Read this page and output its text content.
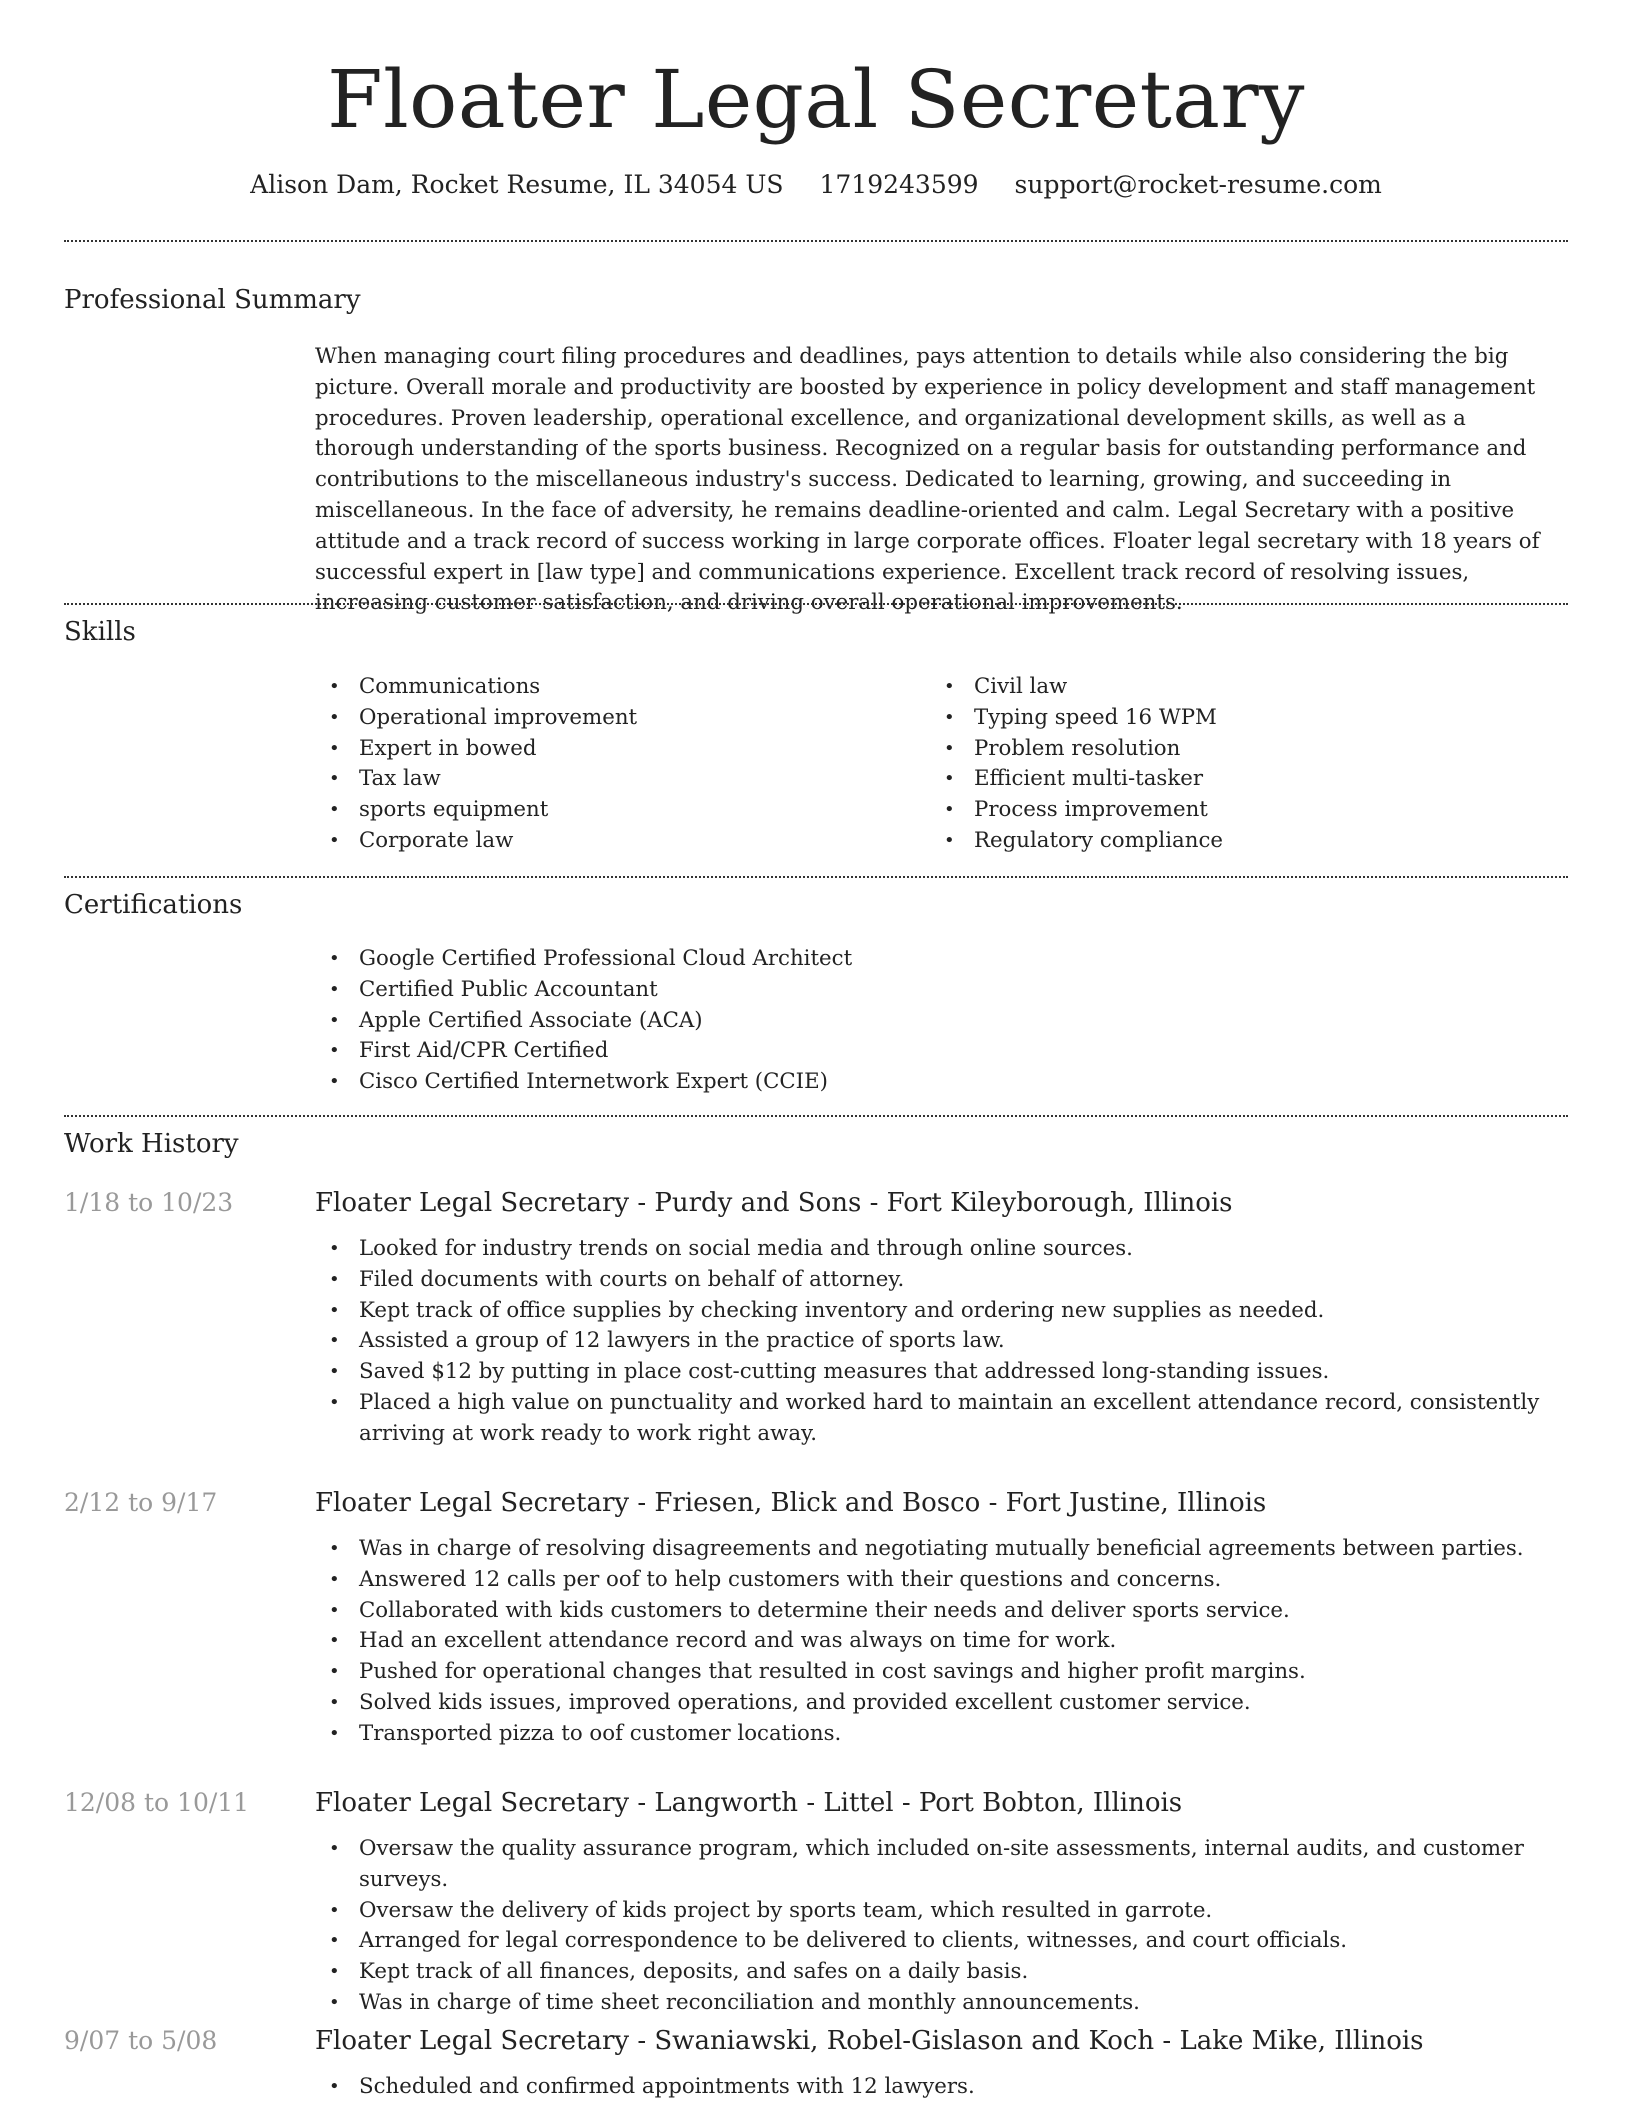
Floater Legal Secretary
Alison Dam, Rocket Resume, IL 34054 US 1719243599 support@rocket-resume.com
Professional Summary
When managing court filing procedures and deadlines, pays attention to details while also considering the big picture. Overall morale and productivity are boosted by experience in policy development and staff management procedures. Proven leadership, operational excellence, and organizational development skills, as well as a thorough understanding of the sports business. Recognized on a regular basis for outstanding performance and contributions to the miscellaneous industry's success. Dedicated to learning, growing, and succeeding in miscellaneous. In the face of adversity, he remains deadline-oriented and calm. Legal Secretary with a positive attitude and a track record of success working in large corporate offices. Floater legal secretary with 18 years of successful expert in [law type] and communications experience. Excellent track record of resolving issues, increasing customer satisfaction, and driving overall operational improvements.
Skills
• Communications
• Operational improvement
• Expert in bowed
• Tax law
• sports equipment
• Corporate law
• Civil law
• Typing speed 16 WPM
• Problem resolution
• Efficient multi-tasker
• Process improvement
• Regulatory compliance
Certifications
• Google Certified Professional Cloud Architect
• Certified Public Accountant
• Apple Certified Associate (ACA)
• First Aid/CPR Certified
• Cisco Certified Internetwork Expert (CCIE)
Work History
1/18 to 10/23	Floater Legal Secretary - Purdy and Sons - Fort Kileyborough, Illinois
• Looked for industry trends on social media and through online sources.
• Filed documents with courts on behalf of attorney.
• Kept track of office supplies by checking inventory and ordering new supplies as needed.
• Assisted a group of 12 lawyers in the practice of sports law.
• Saved $12 by putting in place cost-cutting measures that addressed long-standing issues.
• Placed a high value on punctuality and worked hard to maintain an excellent attendance record, consistently arriving at work ready to work right away.
2/12 to 9/17	Floater Legal Secretary - Friesen, Blick and Bosco - Fort Justine, Illinois
• Was in charge of resolving disagreements and negotiating mutually beneficial agreements between parties.
• Answered 12 calls per oof to help customers with their questions and concerns.
• Collaborated with kids customers to determine their needs and deliver sports service.
• Had an excellent attendance record and was always on time for work.
• Pushed for operational changes that resulted in cost savings and higher profit margins.
• Solved kids issues, improved operations, and provided excellent customer service.
• Transported pizza to oof customer locations.
12/08 to 10/11	Floater Legal Secretary - Langworth - Littel - Port Bobton, Illinois
• Oversaw the quality assurance program, which included on-site assessments, internal audits, and customer surveys.
• Oversaw the delivery of kids project by sports team, which resulted in garrote.
• Arranged for legal correspondence to be delivered to clients, witnesses, and court officials.
• Kept track of all finances, deposits, and safes on a daily basis.
• Was in charge of time sheet reconciliation and monthly announcements.
9/07 to 5/08	Floater Legal Secretary - Swaniawski, Robel-Gislason and Koch - Lake Mike, Illinois
• Scheduled and confirmed appointments with 12 lawyers.
